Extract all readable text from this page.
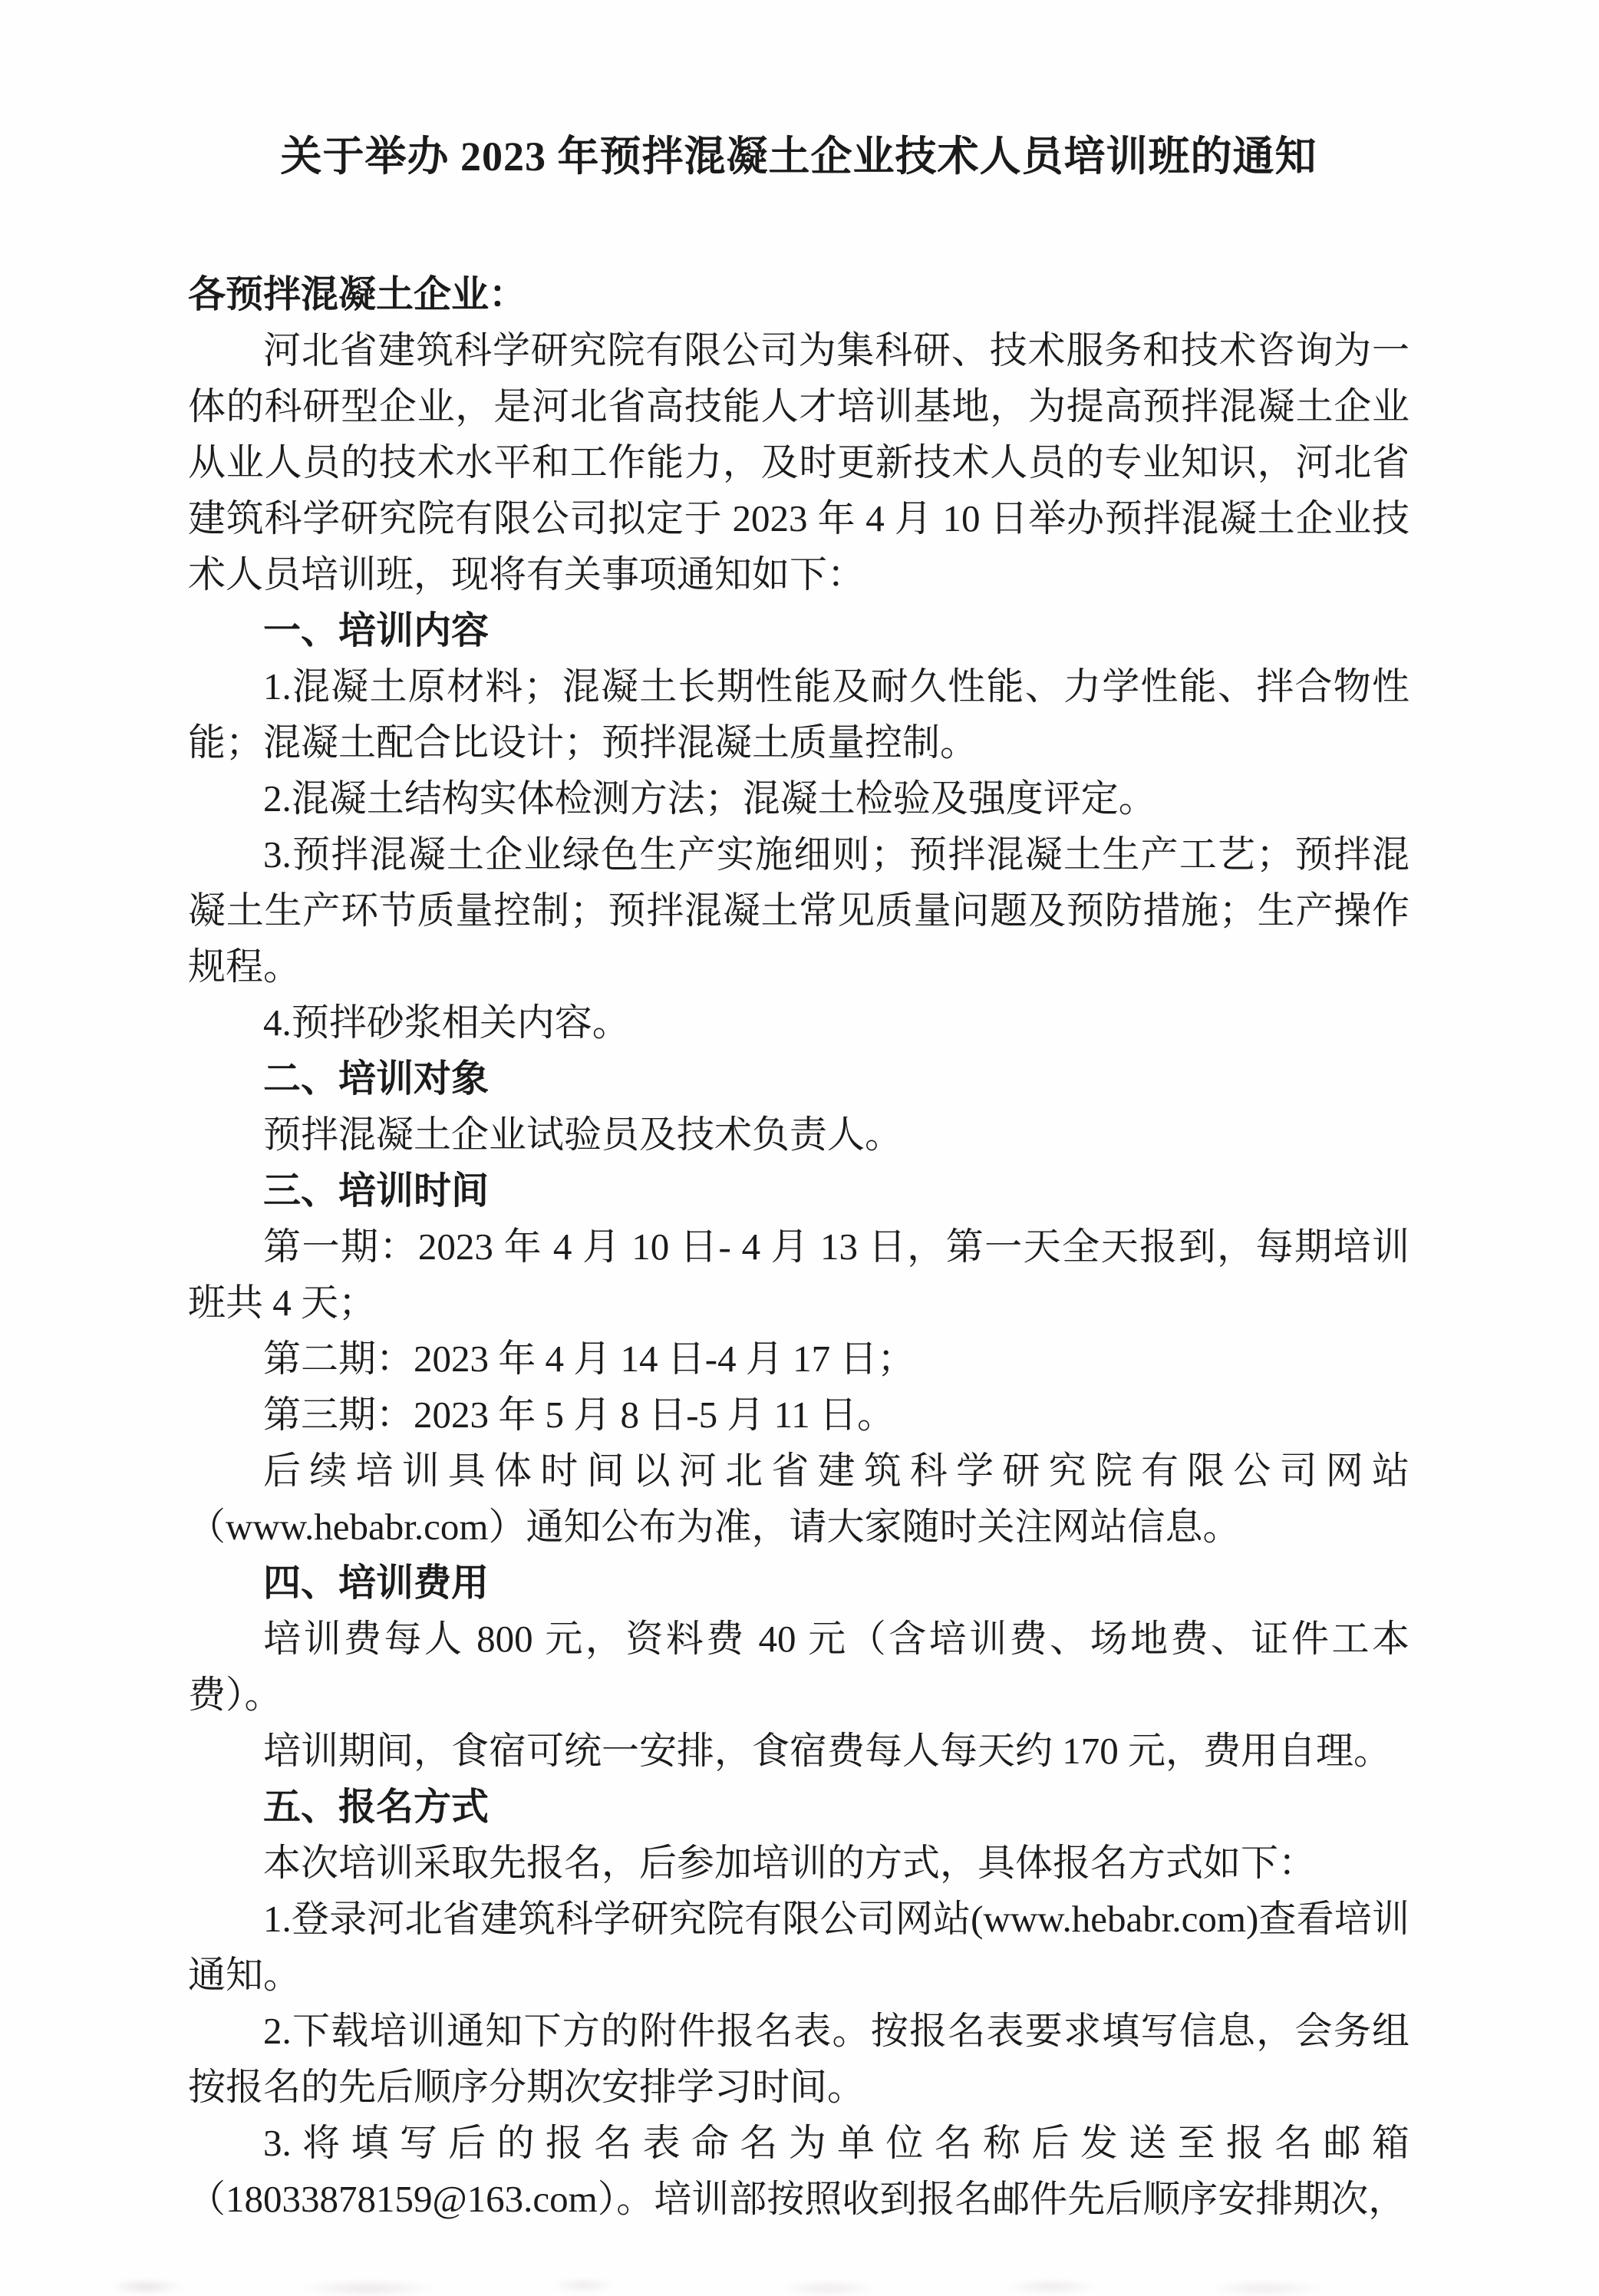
关于举办 2023 年预拌混凝土企业技术人员培训班的通知

各预拌混凝土企业：

河北省建筑科学研究院有限公司为集科研、技术服务和技术咨询为一体的科研型企业，是河北省高技能人才培训基地，为提高预拌混凝土企业从业人员的技术水平和工作能力，及时更新技术人员的专业知识，河北省建筑科学研究院有限公司拟定于 2023 年 4 月 10 日举办预拌混凝土企业技术人员培训班，现将有关事项通知如下：

一、培训内容

1.混凝土原材料；混凝土长期性能及耐久性能、力学性能、拌合物性能；混凝土配合比设计；预拌混凝土质量控制。

2.混凝土结构实体检测方法；混凝土检验及强度评定。

3.预拌混凝土企业绿色生产实施细则；预拌混凝土生产工艺；预拌混凝土生产环节质量控制；预拌混凝土常见质量问题及预防措施；生产操作规程。

4.预拌砂浆相关内容。

二、培训对象

预拌混凝土企业试验员及技术负责人。

三、培训时间

第一期：2023 年 4 月 10 日- 4 月 13 日，第一天全天报到，每期培训班共 4 天；

第二期：2023 年 4 月 14 日-4 月 17 日；

第三期：2023 年 5 月 8 日-5 月 11 日。

后续培训具体时间以河北省建筑科学研究院有限公司网站（www.hebabr.com）通知公布为准，请大家随时关注网站信息。

四、培训费用

培训费每人 800 元，资料费 40 元（含培训费、场地费、证件工本费）。

培训期间，食宿可统一安排，食宿费每人每天约 170 元，费用自理。

五、报名方式

本次培训采取先报名，后参加培训的方式，具体报名方式如下：

1.登录河北省建筑科学研究院有限公司网站(www.hebabr.com)查看培训通知。

2.下载培训通知下方的附件报名表。按报名表要求填写信息，会务组按报名的先后顺序分期次安排学习时间。

3.将填写后的报名表命名为单位名称后发送至报名邮箱（18033878159@163.com）。培训部按照收到报名邮件先后顺序安排期次，
